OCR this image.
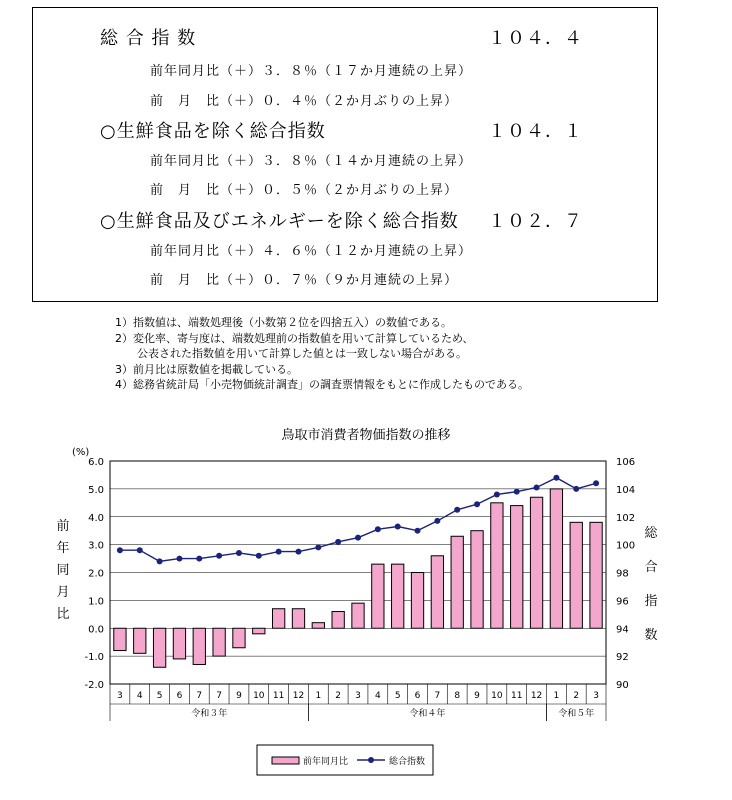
総 合 指 数	１０４．４
前年同月比（＋）３．８％（１７か月連続の上昇）
前　月　比（＋）０．４％（２か月ぶりの上昇）
○生鮮食品を除く総合指数	１０４．１
前年同月比（＋）３．８％（１４か月連続の上昇）
前　月　比（＋）０．５％（２か月ぶりの上昇）
○生鮮食品及びエネルギーを除く総合指数 １０２．７
前年同月比（＋）４．６％（１２か月連続の上昇）
前　月　比（＋）０．７％（９か月連続の上昇）
1）指数値は、端数処理後（小数第２位を四捨五入）の数値である。
2）変化率、寄与度は、端数処理前の指数値を用いて計算しているため、
　　公表された指数値を用いて計算した値とは一致しない場合がある。
3）前月比は原数値を掲載している。
4）総務省統計局「小売物価統計調査」の調査票情報をもとに作成したものである。
鳥取市消費者物価指数の推移
6.0
5.0
4.0
3.0
2.0
1.0
0.0
-1.0
-2.0
106
104
102
100
98
96
94
92
90
(%)
前
年
同
月
比
総
合
指
数
3 4 5 6 7 7 9 10 11 12 1 2 3 4 5 6 7 8 9 10 11 12 1 2 3
令和３年	令和４年	令和５年
前年同月比	総合指数
